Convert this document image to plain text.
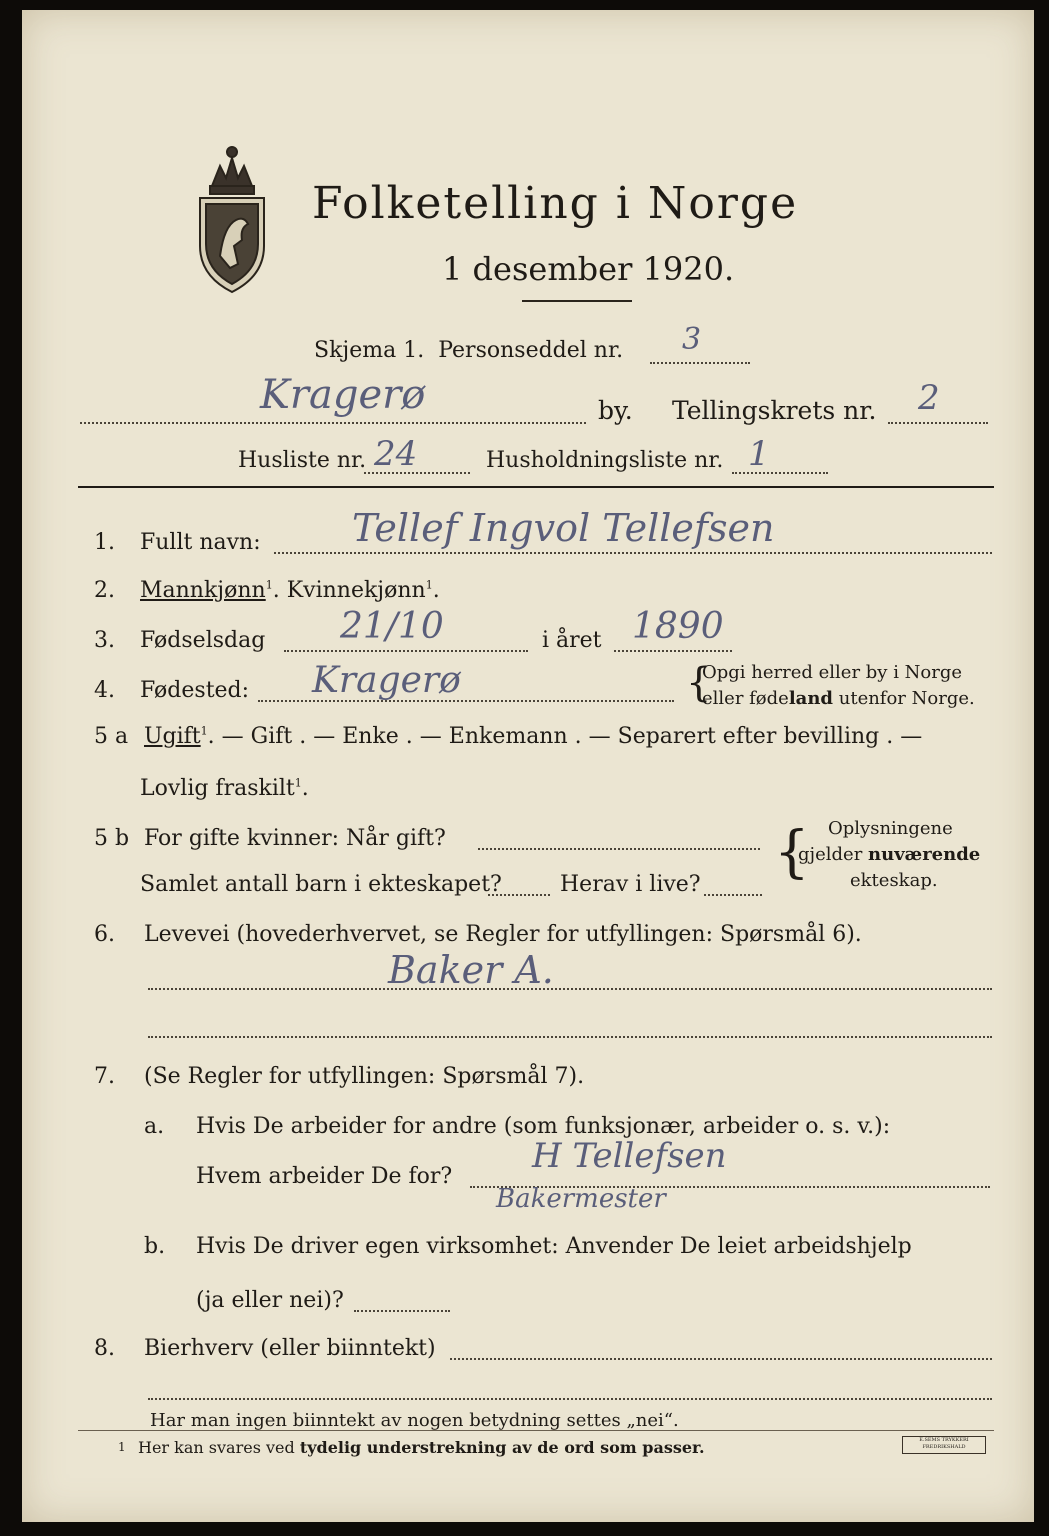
Folketelling i Norge
1 desember 1920.
Skjema 1. Personseddel nr. 3
Kragerø	by. Tellingskrets nr. 2
Husliste nr. 24	Husholdningsliste nr. 1
1. Fullt navn: Tellef Ingvol Tellefsen
2. Mannkjønn$^1$. Kvinnekjønn$^1$.
3. Fødselsdag 21/10	i året 1890
4. Fødested: Kragerø	{
Opgi herred eller by i Norge
eller fødeland utenfor Norge.
5 a Ugift$^1$. — Gift . — Enke . — Enkemann . — Separert efter bevilling . —
Lovlig fraskilt$^1$.
5 b For gifte kvinner: Når gift?
Samlet antall barn i ekteskapet?	Herav i live? { Oplysningene
gjelder nuværende
ekteskap.
6. Levevei (hovederhvervet, se Regler for utfyllingen: Spørsmål 6).
Baker A.
7. (Se Regler for utfyllingen: Spørsmål 7).
a. Hvis De arbeider for andre (som funksjonær, arbeider o. s. v.):
Hvem arbeider De for?
H Tellefsen
Bakermester
b. Hvis De driver egen virksomhet: Anvender De leiet arbeidshjelp
(ja eller nei)?
8. Bierhverv (eller biinntekt)
Har man ingen biinntekt av nogen betydning settes „nei“.
1 Her kan svares ved tydelig understrekning av de ord som passer.	E.SEMS TRYKKERI FREDRIKSHALD
